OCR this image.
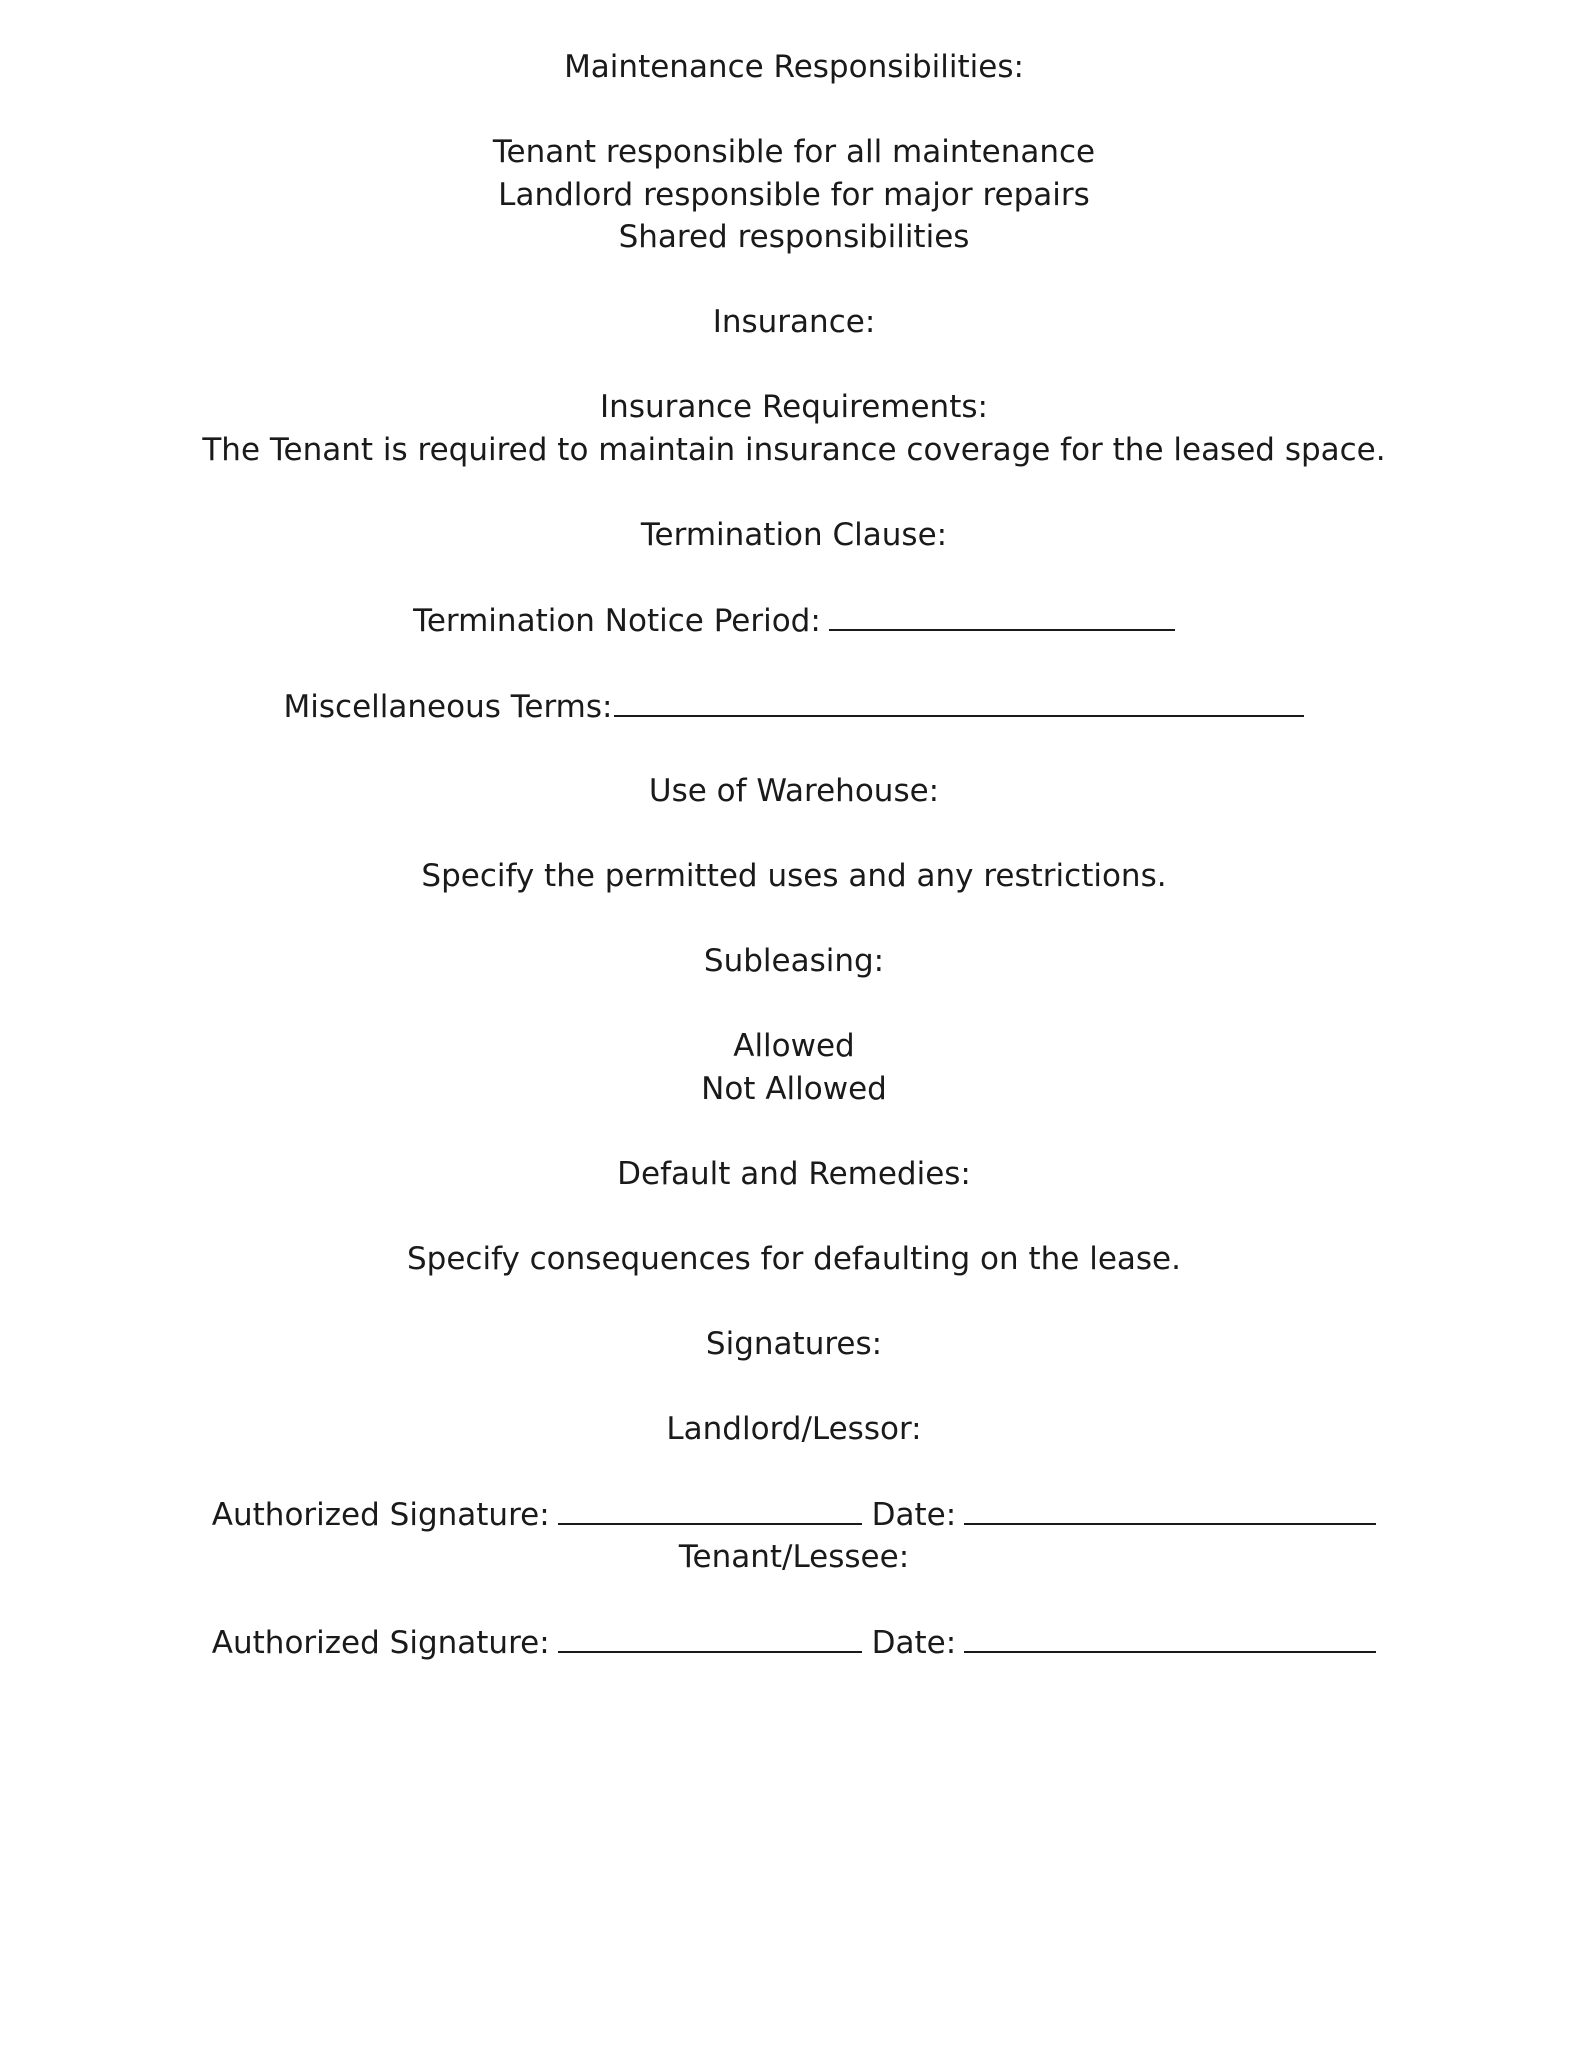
Maintenance Responsibilities:
Tenant responsible for all maintenance
Landlord responsible for major repairs
Shared responsibilities
Insurance:
Insurance Requirements:
The Tenant is required to maintain insurance coverage for the leased space.
Termination Clause:
Termination Notice Period:
Miscellaneous Terms:
Use of Warehouse:
Specify the permitted uses and any restrictions.
Subleasing:
Allowed
Not Allowed
Default and Remedies:
Specify consequences for defaulting on the lease.
Signatures:
Landlord/Lessor:
Authorized Signature:	Date:
Tenant/Lessee:
Authorized Signature:	Date:
